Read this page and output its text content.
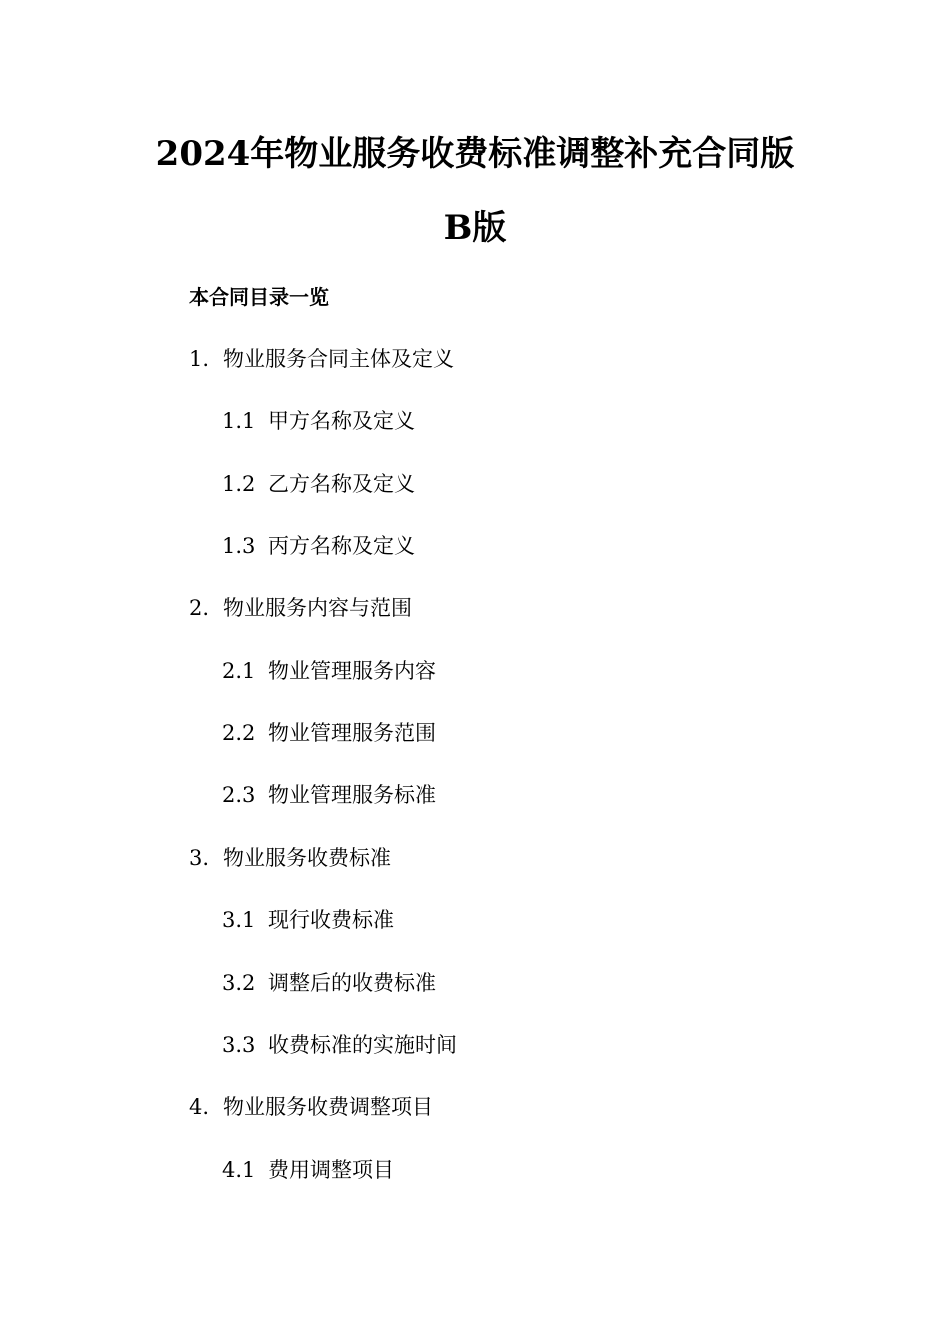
2024年物业服务收费标准调整补充合同版
B版
本合同目录一览
1. 物业服务合同主体及定义
1.1 甲方名称及定义
1.2 乙方名称及定义
1.3 丙方名称及定义
2. 物业服务内容与范围
2.1 物业管理服务内容
2.2 物业管理服务范围
2.3 物业管理服务标准
3. 物业服务收费标准
3.1 现行收费标准
3.2 调整后的收费标准
3.3 收费标准的实施时间
4. 物业服务收费调整项目
4.1 费用调整项目
